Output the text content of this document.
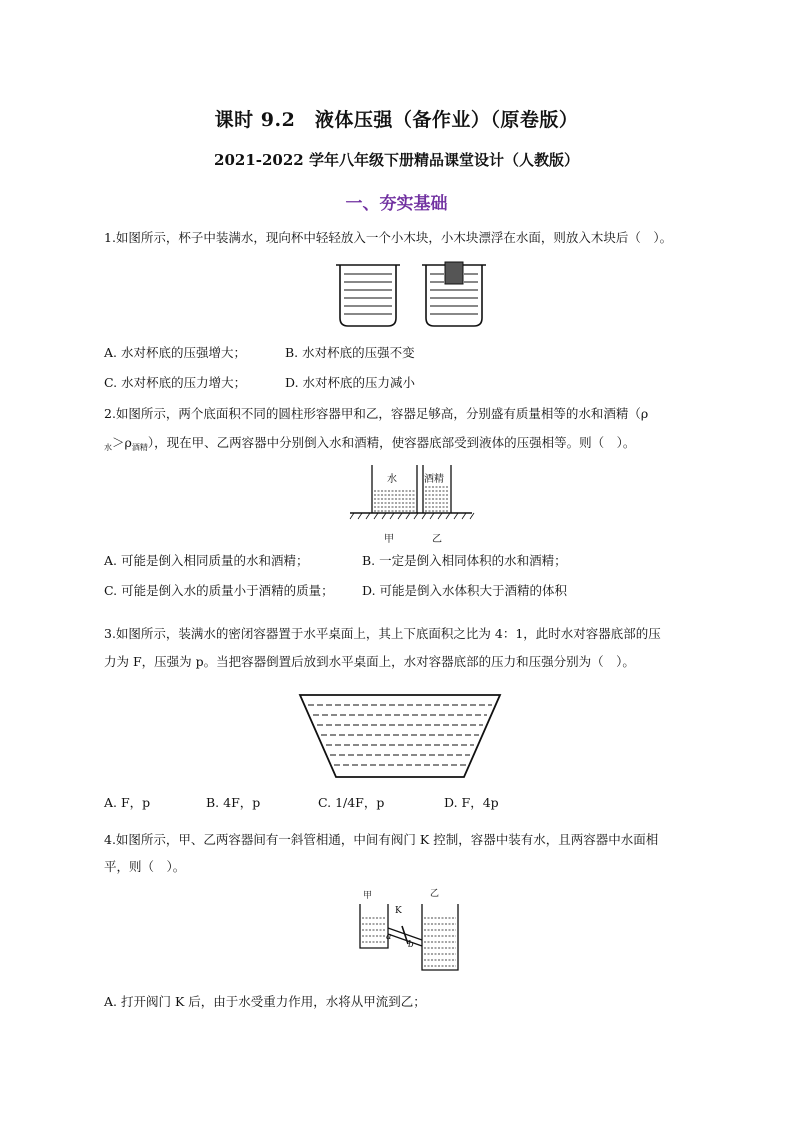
课时 9.2　液体压强（备作业）（原卷版）
2021-2022 学年八年级下册精品课堂设计（人教版）
一、夯实基础
1.如图所示，杯子中装满水，现向杯中轻轻放入一个小木块，小木块漂浮在水面，则放入木块后（　）。
A. 水对杯底的压强增大；	B. 水对杯底的压强不变
C. 水对杯底的压力增大；	D. 水对杯底的压力减小
2.如图所示，两个底面积不同的圆柱形容器甲和乙，容器足够高，分别盛有质量相等的水和酒精（ρ
$_水>\rho_{酒精}$），现在甲、乙两容器中分别倒入水和酒精，使容器底部受到液体的压强相等。则（　）。
水	酒精
甲	乙
A. 可能是倒入相同质量的水和酒精；	B. 一定是倒入相同体积的水和酒精；
C. 可能是倒入水的质量小于酒精的质量； D. 可能是倒入水体积大于酒精的体积
3.如图所示，装满水的密闭容器置于水平桌面上，其上下底面积之比为 4：1，此时水对容器底部的压
力为 F，压强为 p。当把容器倒置后放到水平桌面上，水对容器底部的压力和压强分别为（　）。
A. F，p	B. 4F，p	C. 1/4F，p	D. F，4p
4.如图所示，甲、乙两容器间有一斜管相通，中间有阀门 K 控制，容器中装有水，且两容器中水面相
平，则（　）。
甲	乙
K
a
b
A. 打开阀门 K 后，由于水受重力作用，水将从甲流到乙；
